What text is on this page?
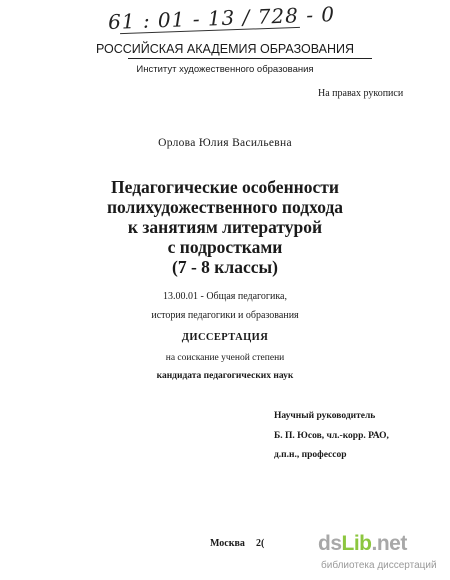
61 : 01 - 13 / 728 - 0
РОССИЙСКАЯ АКАДЕМИЯ ОБРАЗОВАНИЯ
Институт художественного образования
На правах рукописи
Орлова Юлия Васильевна
Педагогические особенности
полихудожественного подхода
к занятиям литературой
с подростками
(7 - 8 классы)
13.00.01 - Общая педагогика,
история педагогики и образования
ДИССЕРТАЦИЯ
на соискание ученой степени
кандидата педагогических наук
Научный руководитель
Б. П. Юсов, чл.-корр. РАО,
д.п.н., профессор
Москва 2(	dsLib.net
библиотека диссертаций
